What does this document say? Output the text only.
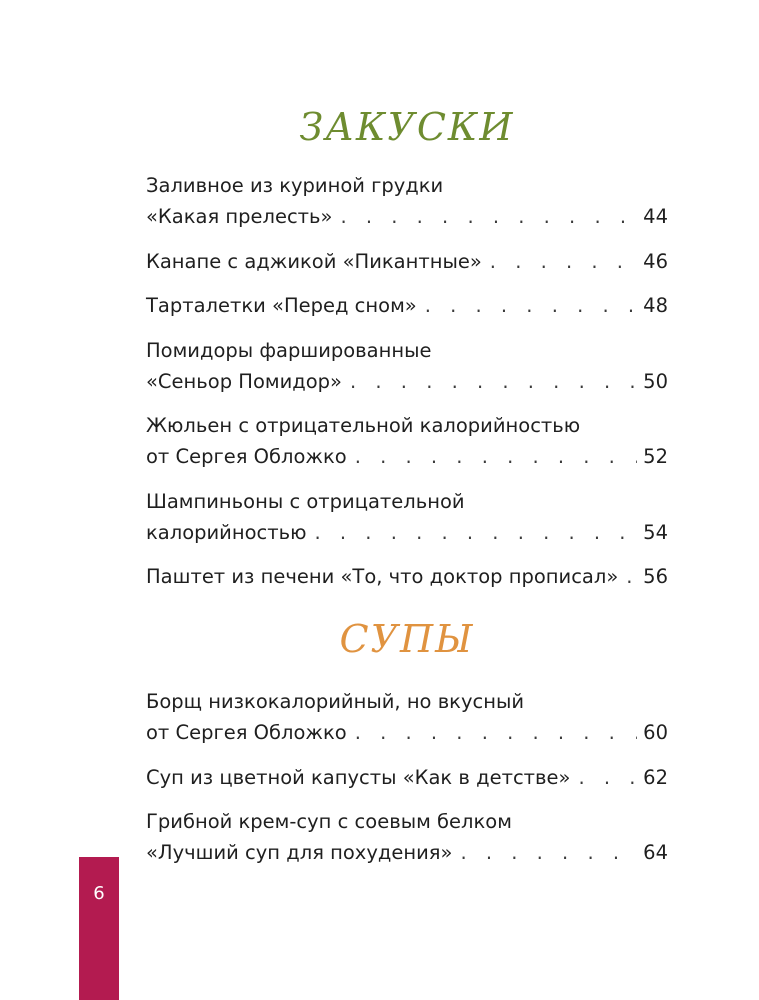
ЗАКУСКИ
Заливное из куриной грудки
«Какая прелесть» . . .	44
Канапе с аджикой «Пикантные» . . .	46
Тарталетки «Перед сном» . . .	48
Помидоры фаршированные
«Сеньор Помидор» . . .	50
Жюльен с отрицательной калорийностью
от Сергея Обложко . . .	52
Шампиньоны с отрицательной
калорийностью . . .	54
Паштет из печени «То, что доктор прописал» . . . 56
СУПЫ
Борщ низкокалорийный, но вкусный
от Сергея Обложко . . .	60
Суп из цветной капусты «Как в детстве» . . .	62
Грибной крем-суп с соевым белком
«Лучший суп для похудения» . . .	64
6
